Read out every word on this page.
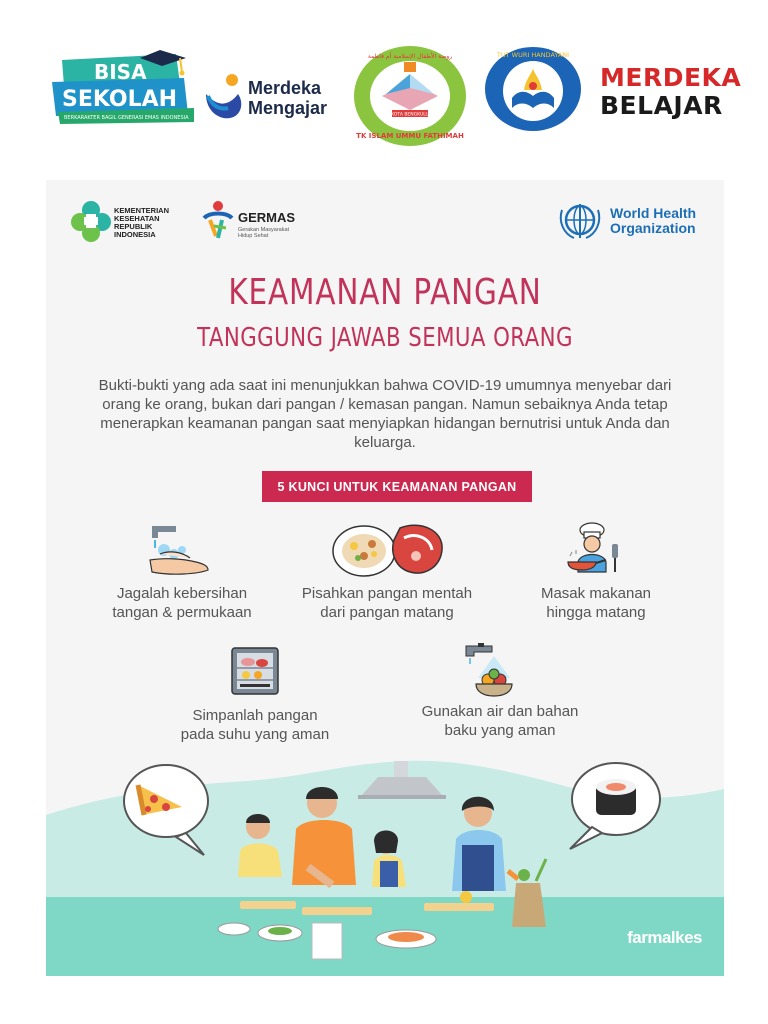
BISA
SEKOLAH
BERKARAKTER BAGIL GENERASI EMAS INDONESIA
Merdeka
Mengajar	KOTA BENGKULU
روضة الأطفال الإسلامية أم فاطمة
TK ISLAM UMMU FATHIMAH
TUT WURI HANDAYANI
MERDEKA
BELAJAR
KEMENTERIAN
KESEHATAN
REPUBLIK
INDONESIA
GERMAS
Gerakan Masyarakat Hidup Sehat
World Health
Organization
KEAMANAN PANGAN
TANGGUNG JAWAB SEMUA ORANG
Bukti-bukti yang ada saat ini menunjukkan bahwa COVID-19 umumnya menyebar dari orang ke orang, bukan dari pangan / kemasan pangan. Namun sebaiknya Anda tetap menerapkan keamanan pangan saat menyiapkan hidangan bernutrisi untuk Anda dan keluarga.
5 KUNCI UNTUK KEAMANAN PANGAN
Jagalah kebersihan
tangan & permukaan
Pisahkan pangan mentah
dari pangan matang
Masak makanan
hingga matang
Simpanlah pangan
pada suhu yang aman
Gunakan air dan bahan
baku yang aman
farmalkes
